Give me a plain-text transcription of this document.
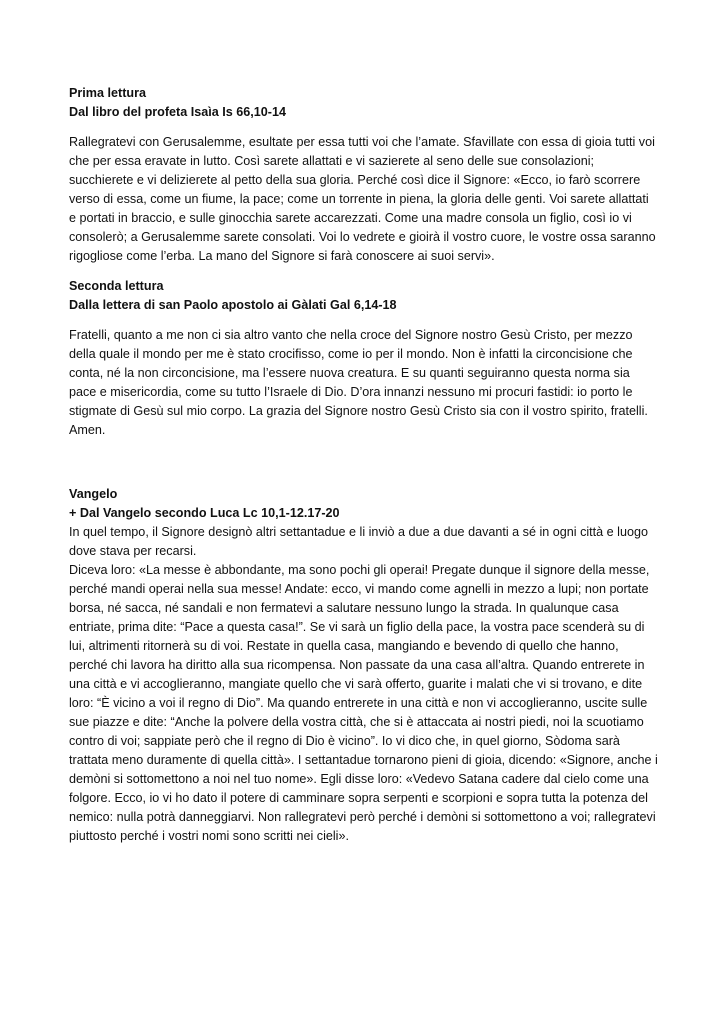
Prima lettura
Dal libro del profeta Isaìa Is 66,10-14

Rallegratevi con Gerusalemme, esultate per essa tutti voi che l’amate. Sfavillate con essa di gioia tutti voi che per essa eravate in lutto. Così sarete allattati e vi sazierete al seno delle sue consolazioni; succhierete e vi delizierete al petto della sua gloria. Perché così dice il Signore: «Ecco, io farò scorrere verso di essa, come un fiume, la pace; come un torrente in piena, la gloria delle genti. Voi sarete allattati e portati in braccio, e sulle ginocchia sarete accarezzati. Come una madre consola un figlio, così io vi consolerò; a Gerusalemme sarete consolati. Voi lo vedrete e gioirà il vostro cuore, le vostre ossa saranno rigogliose come l’erba. La mano del Signore si farà conoscere ai suoi servi».

Seconda lettura
Dalla lettera di san Paolo apostolo ai Gàlati Gal 6,14-18

Fratelli, quanto a me non ci sia altro vanto che nella croce del Signore nostro Gesù Cristo, per mezzo della quale il mondo per me è stato crocifisso, come io per il mondo. Non è infatti la circoncisione che conta, né la non circoncisione, ma l’essere nuova creatura. E su quanti seguiranno questa norma sia pace e misericordia, come su tutto l’Israele di Dio. D’ora innanzi nessuno mi procuri fastidi: io porto le stigmate di Gesù sul mio corpo. La grazia del Signore nostro Gesù Cristo sia con il vostro spirito, fratelli. Amen.

Vangelo
+ Dal Vangelo secondo Luca Lc 10,1-12.17-20

In quel tempo, il Signore designò altri settantadue e li inviò a due a due davanti a sé in ogni città e luogo dove stava per recarsi.

Diceva loro: «La messe è abbondante, ma sono pochi gli operai! Pregate dunque il signore della messe, perché mandi operai nella sua messe! Andate: ecco, vi mando come agnelli in mezzo a lupi; non portate borsa, né sacca, né sandali e non fermatevi a salutare nessuno lungo la strada. In qualunque casa entriate, prima dite: “Pace a questa casa!”. Se vi sarà un figlio della pace, la vostra pace scenderà su di lui, altrimenti ritornerà su di voi. Restate in quella casa, mangiando e bevendo di quello che hanno, perché chi lavora ha diritto alla sua ricompensa. Non passate da una casa all’altra. Quando entrerete in una città e vi accoglieranno, mangiate quello che vi sarà offerto, guarite i malati che vi si trovano, e dite loro: “È vicino a voi il regno di Dio”. Ma quando entrerete in una città e non vi accoglieranno, uscite sulle sue piazze e dite: “Anche la polvere della vostra città, che si è attaccata ai nostri piedi, noi la scuotiamo contro di voi; sappiate però che il regno di Dio è vicino”. Io vi dico che, in quel giorno, Sòdoma sarà trattata meno duramente di quella città». I settantadue tornarono pieni di gioia, dicendo: «Signore, anche i demòni si sottomettono a noi nel tuo nome». Egli disse loro: «Vedevo Satana cadere dal cielo come una folgore. Ecco, io vi ho dato il potere di camminare sopra serpenti e scorpioni e sopra tutta la potenza del nemico: nulla potrà danneggiarvi. Non rallegratevi però perché i demòni si sottomettono a voi; rallegratevi piuttosto perché i vostri nomi sono scritti nei cieli».
